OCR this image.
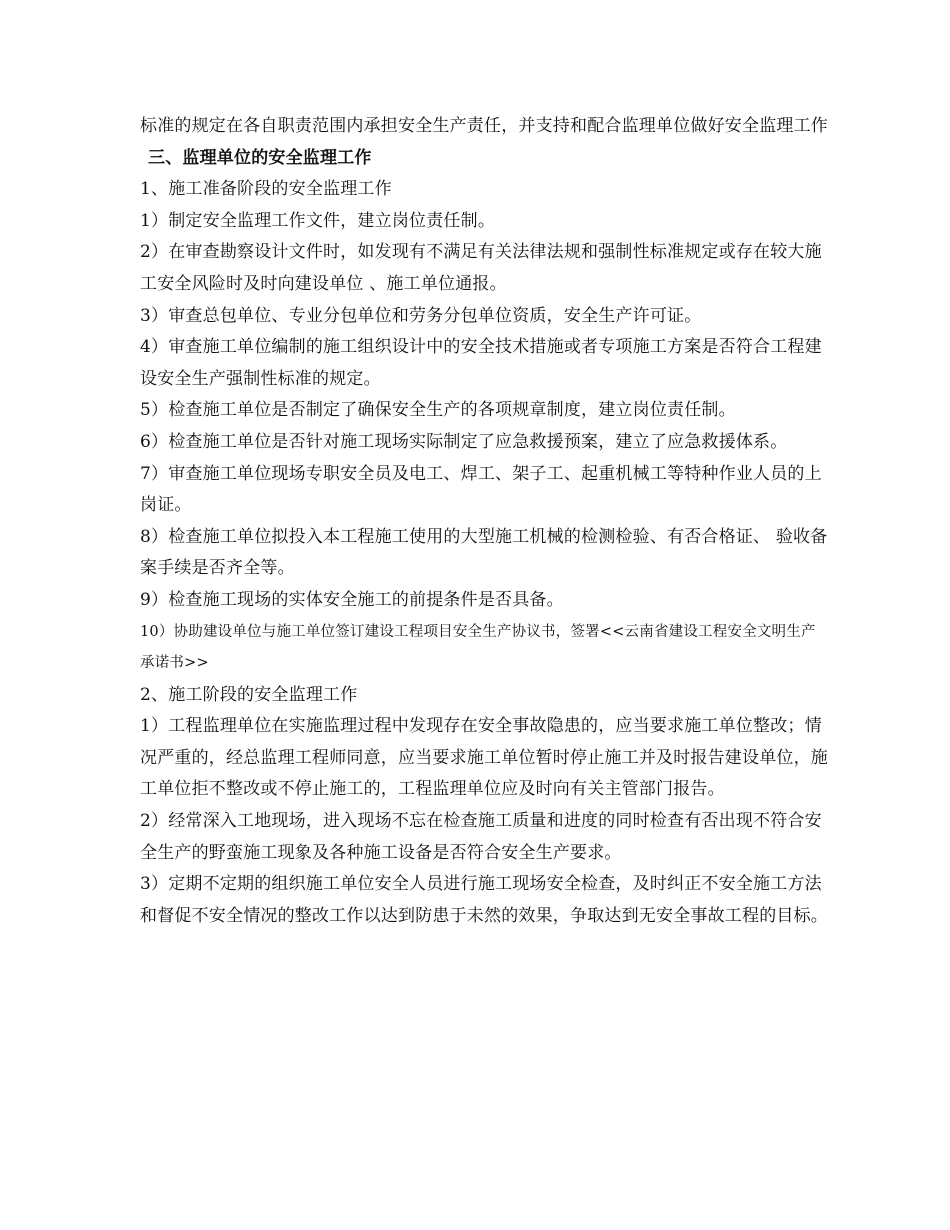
标准的规定在各自职责范围内承担安全生产责任，并支持和配合监理单位做好安全监理工作

三、监理单位的安全监理工作

1、施工准备阶段的安全监理工作

1）制定安全监理工作文件，建立岗位责任制。

2）在审查勘察设计文件时，如发现有不满足有关法律法规和强制性标准规定或存在较大施工安全风险时及时向建设单位 、施工单位通报。

3）审查总包单位、专业分包单位和劳务分包单位资质，安全生产许可证。

4）审查施工单位编制的施工组织设计中的安全技术措施或者专项施工方案是否符合工程建设安全生产强制性标准的规定。

5）检查施工单位是否制定了确保安全生产的各项规章制度，建立岗位责任制。

6）检查施工单位是否针对施工现场实际制定了应急救援预案，建立了应急救援体系。

7）审查施工单位现场专职安全员及电工、焊工、架子工、起重机械工等特种作业人员的上岗证。

8）检查施工单位拟投入本工程施工使用的大型施工机械的检测检验、有否合格证、 验收备案手续是否齐全等。

9）检查施工现场的实体安全施工的前提条件是否具备。

10）协助建设单位与施工单位签订建设工程项目安全生产协议书，签署<<云南省建设工程安全文明生产承诺书>>

2、施工阶段的安全监理工作

1）工程监理单位在实施监理过程中发现存在安全事故隐患的，应当要求施工单位整改；情况严重的，经总监理工程师同意，应当要求施工单位暂时停止施工并及时报告建设单位，施工单位拒不整改或不停止施工的，工程监理单位应及时向有关主管部门报告。

2）经常深入工地现场，进入现场不忘在检查施工质量和进度的同时检查有否出现不符合安全生产的野蛮施工现象及各种施工设备是否符合安全生产要求。

3）定期不定期的组织施工单位安全人员进行施工现场安全检查，及时纠正不安全施工方法和督促不安全情况的整改工作以达到防患于未然的效果，争取达到无安全事故工程的目标。
